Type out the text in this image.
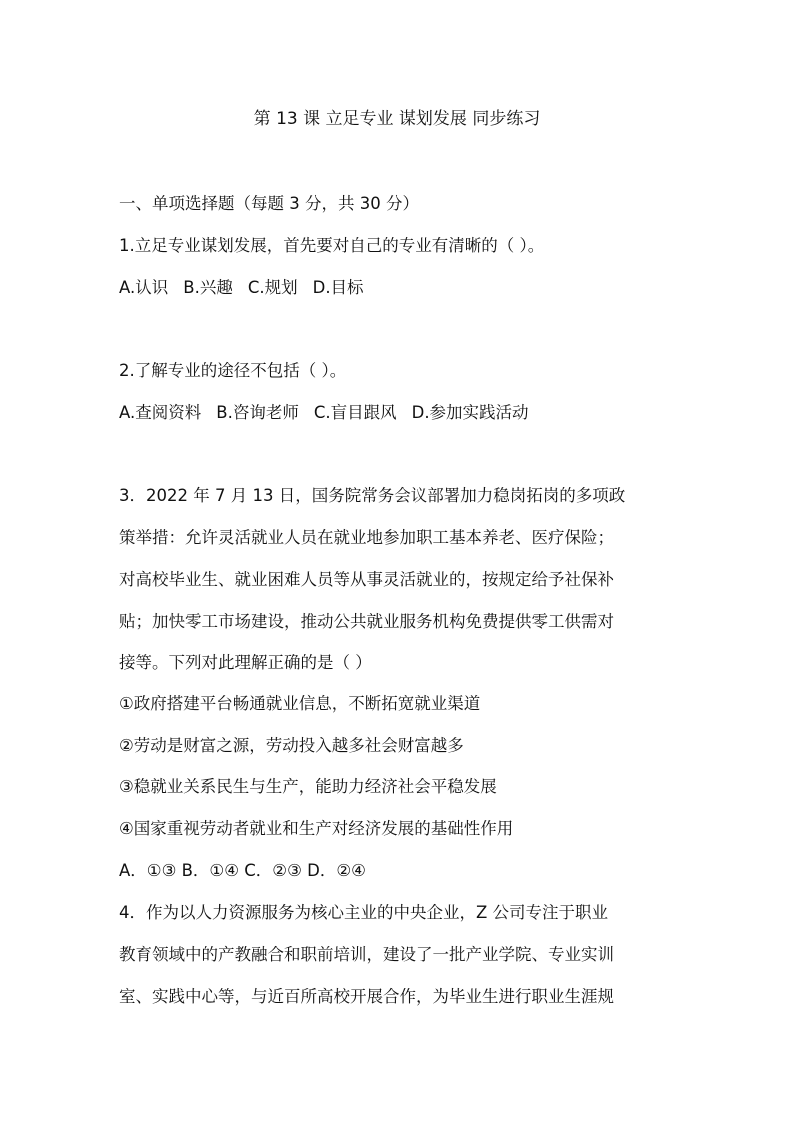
第 13 课 立足专业 谋划发展 同步练习
一、单项选择题（每题 3 分，共 30 分）
1.立足专业谋划发展，首先要对自己的专业有清晰的（ ）。
A.认识 B.兴趣 C.规划 D.目标
2.了解专业的途径不包括（ ）。
A.查阅资料 B.咨询老师 C.盲目跟风 D.参加实践活动
3．2022 年 7 月 13 日，国务院常务会议部署加力稳岗拓岗的多项政
策举措：允许灵活就业人员在就业地参加职工基本养老、医疗保险；
对高校毕业生、就业困难人员等从事灵活就业的，按规定给予社保补
贴；加快零工市场建设，推动公共就业服务机构免费提供零工供需对
接等。下列对此理解正确的是（ ）
①政府搭建平台畅通就业信息，不断拓宽就业渠道
②劳动是财富之源，劳动投入越多社会财富越多
③稳就业关系民生与生产，能助力经济社会平稳发展
④国家重视劳动者就业和生产对经济发展的基础性作用
A．①③ B．①④ C．②③ D．②④
4．作为以人力资源服务为核心主业的中央企业，Z 公司专注于职业
教育领域中的产教融合和职前培训，建设了一批产业学院、专业实训
室、实践中心等，与近百所高校开展合作，为毕业生进行职业生涯规
